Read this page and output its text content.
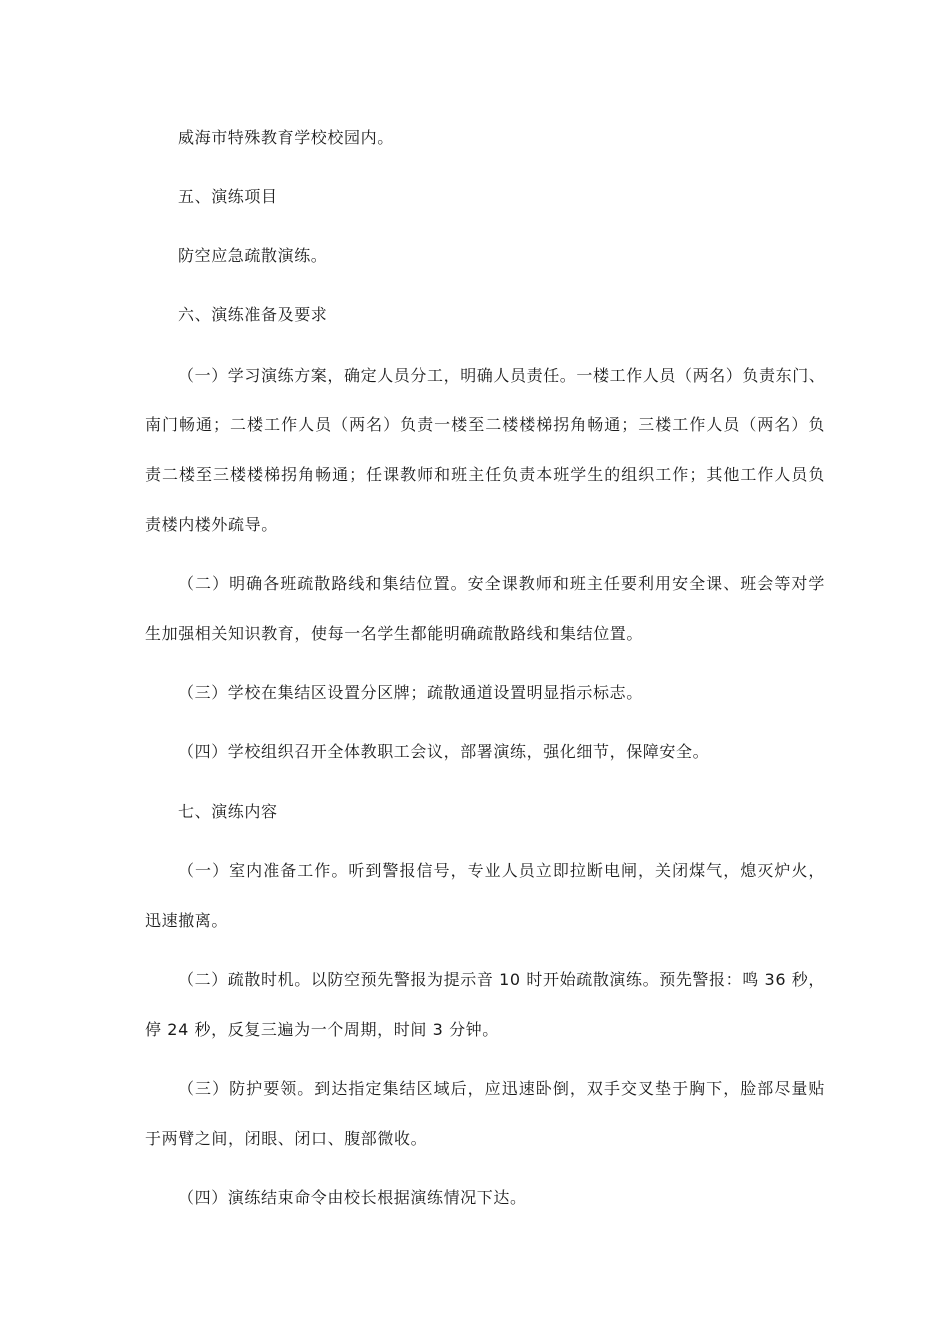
威海市特殊教育学校校园内。
五、演练项目
防空应急疏散演练。
六、演练准备及要求
（一）学习演练方案，确定人员分工，明确人员责任。一楼工作人员（两名）负责东门、
南门畅通；二楼工作人员（两名）负责一楼至二楼楼梯拐角畅通；三楼工作人员（两名）负
责二楼至三楼楼梯拐角畅通；任课教师和班主任负责本班学生的组织工作；其他工作人员负
责楼内楼外疏导。
（二）明确各班疏散路线和集结位置。安全课教师和班主任要利用安全课、班会等对学
生加强相关知识教育，使每一名学生都能明确疏散路线和集结位置。
（三）学校在集结区设置分区牌；疏散通道设置明显指示标志。
（四）学校组织召开全体教职工会议，部署演练，强化细节，保障安全。
七、演练内容
（一）室内准备工作。听到警报信号，专业人员立即拉断电闸，关闭煤气，熄灭炉火，
迅速撤离。
（二）疏散时机。以防空预先警报为提示音 10 时开始疏散演练。预先警报：鸣 36 秒，
停 24 秒，反复三遍为一个周期，时间 3 分钟。
（三）防护要领。到达指定集结区域后，应迅速卧倒，双手交叉垫于胸下，脸部尽量贴
于两臂之间，闭眼、闭口、腹部微收。
（四）演练结束命令由校长根据演练情况下达。
